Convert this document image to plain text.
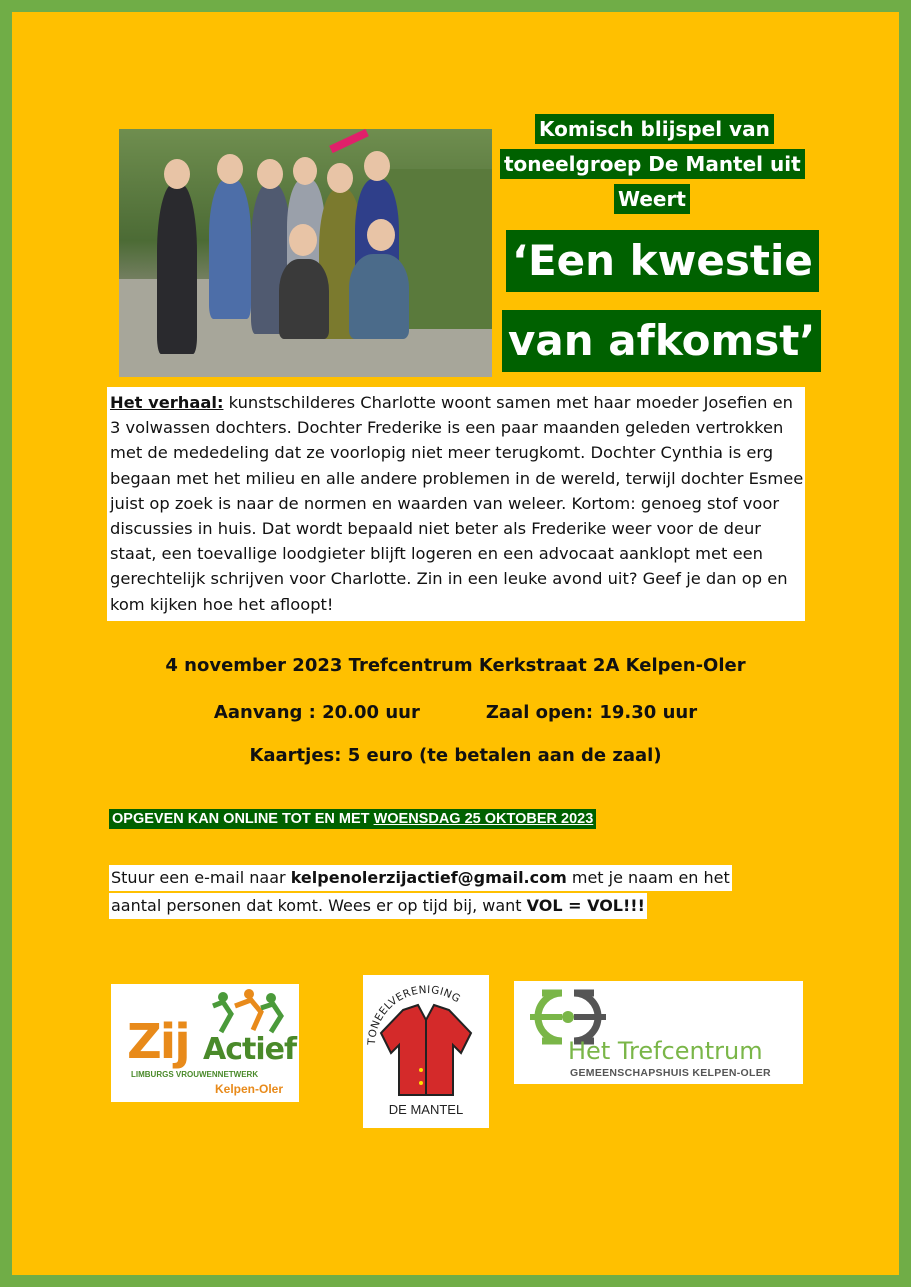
Komisch blijspel van
toneelgroep De Mantel uit
Weert
‘Een kwestie
van afkomst’
Het verhaal: kunstschilderes Charlotte woont samen met haar moeder Josefien en 3 volwassen dochters. Dochter Frederike is een paar maanden geleden vertrokken met de mededeling dat ze voorlopig niet meer terugkomt. Dochter Cynthia is erg begaan met het milieu en alle andere problemen in de wereld, terwijl dochter Esmee juist op zoek is naar de normen en waarden van weleer. Kortom: genoeg stof voor discussies in huis. Dat wordt bepaald niet beter als Frederike weer voor de deur staat, een toevallige loodgieter blijft logeren en een advocaat aanklopt met een gerechtelijk schrijven voor Charlotte. Zin in een leuke avond uit? Geef je dan op en kom kijken hoe het afloopt!
4 november 2023 Trefcentrum Kerkstraat 2A Kelpen-Oler
Aanvang : 20.00 uur	Zaal open: 19.30 uur
Kaartjes: 5 euro (te betalen aan de zaal)
OPGEVEN KAN ONLINE TOT EN MET WOENSDAG 25 OKTOBER 2023
Stuur een e-mail naar kelpenolerzijactief@gmail.com met je naam en het
aantal personen dat komt. Wees er op tijd bij, want VOL = VOL!!!
Zij Actief
LIMBURGS VROUWENNETWERK
Kelpen-Oler
TONEELVERENIGING
DE MANTEL
Het Trefcentrum
GEMEENSCHAPSHUIS KELPEN-OLER
